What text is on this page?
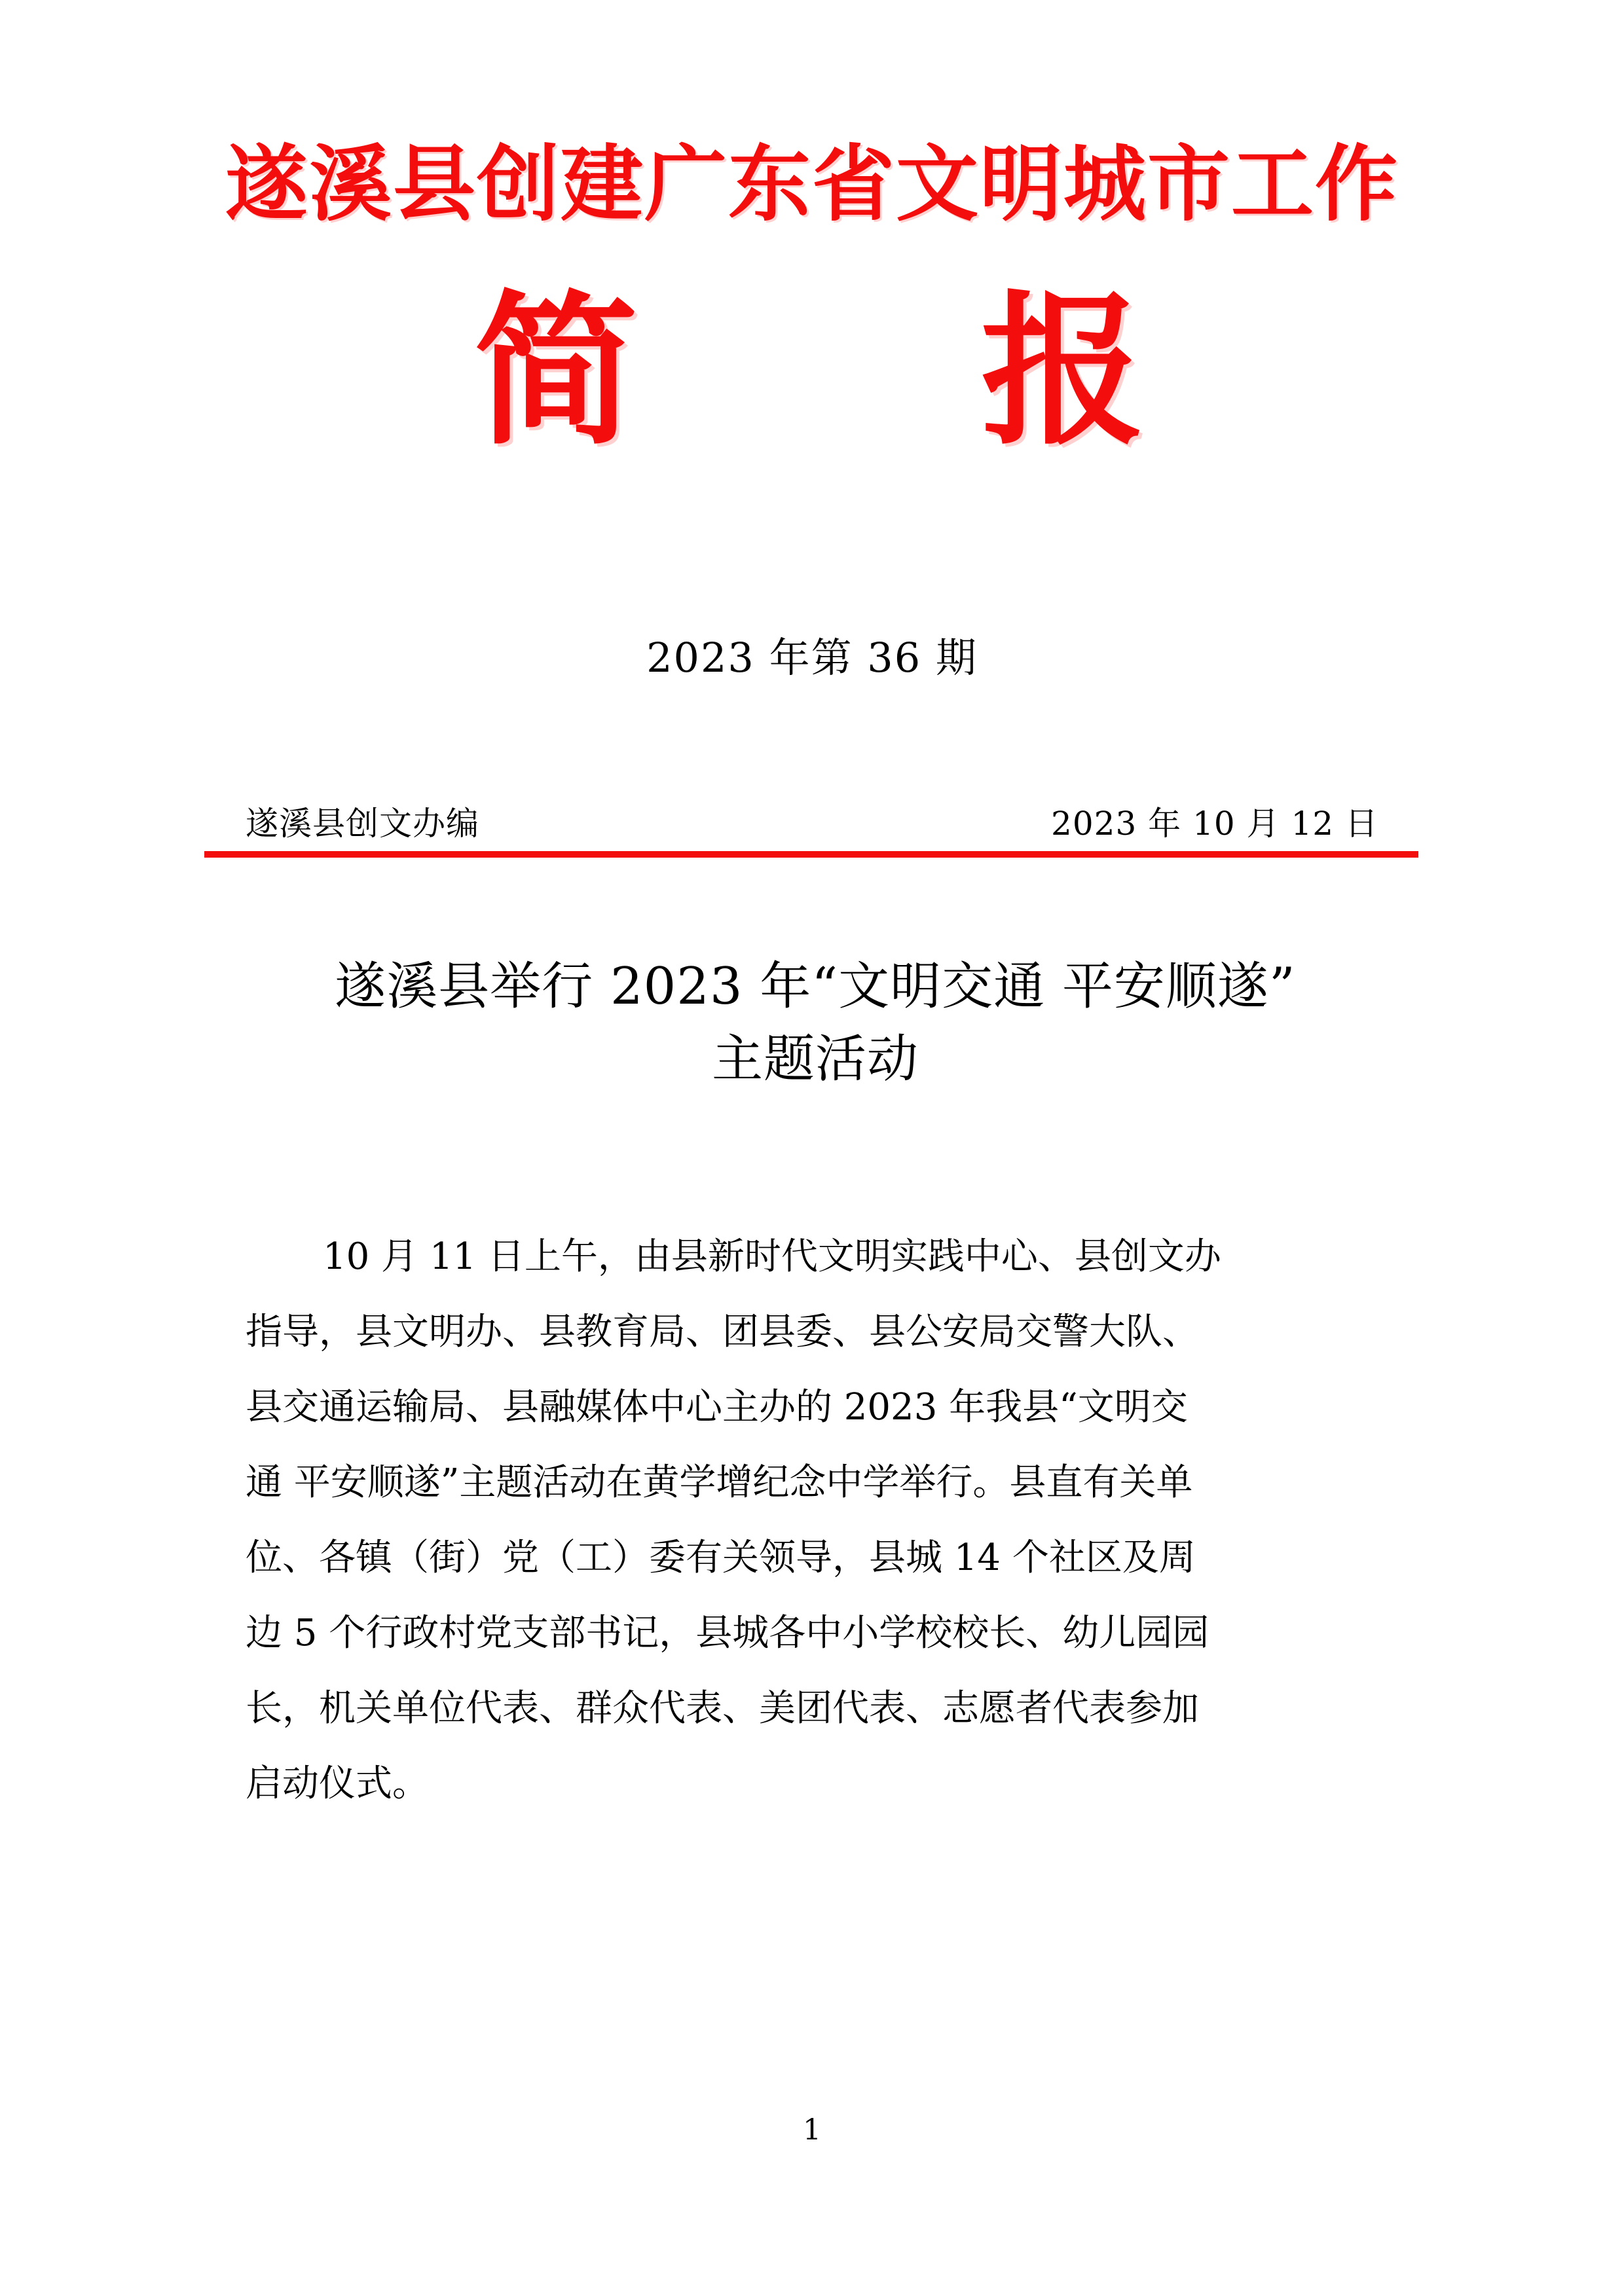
遂溪县创建广东省文明城市工作
简　　报
2023 年第 36 期
遂溪县创文办编	2023 年 10 月 12 日
遂溪县举行 2023 年“文明交通 平安顺遂”
主题活动

10 月 11 日上午，由县新时代文明实践中心、县创文办
指导，县文明办、县教育局、团县委、县公安局交警大队、
县交通运输局、县融媒体中心主办的 2023 年我县“文明交
通 平安顺遂”主题活动在黄学增纪念中学举行。县直有关单
位、各镇（街）党（工）委有关领导，县城 14 个社区及周
边 5 个行政村党支部书记，县城各中小学校校长、幼儿园园
长，机关单位代表、群众代表、美团代表、志愿者代表参加
启动仪式。

1
